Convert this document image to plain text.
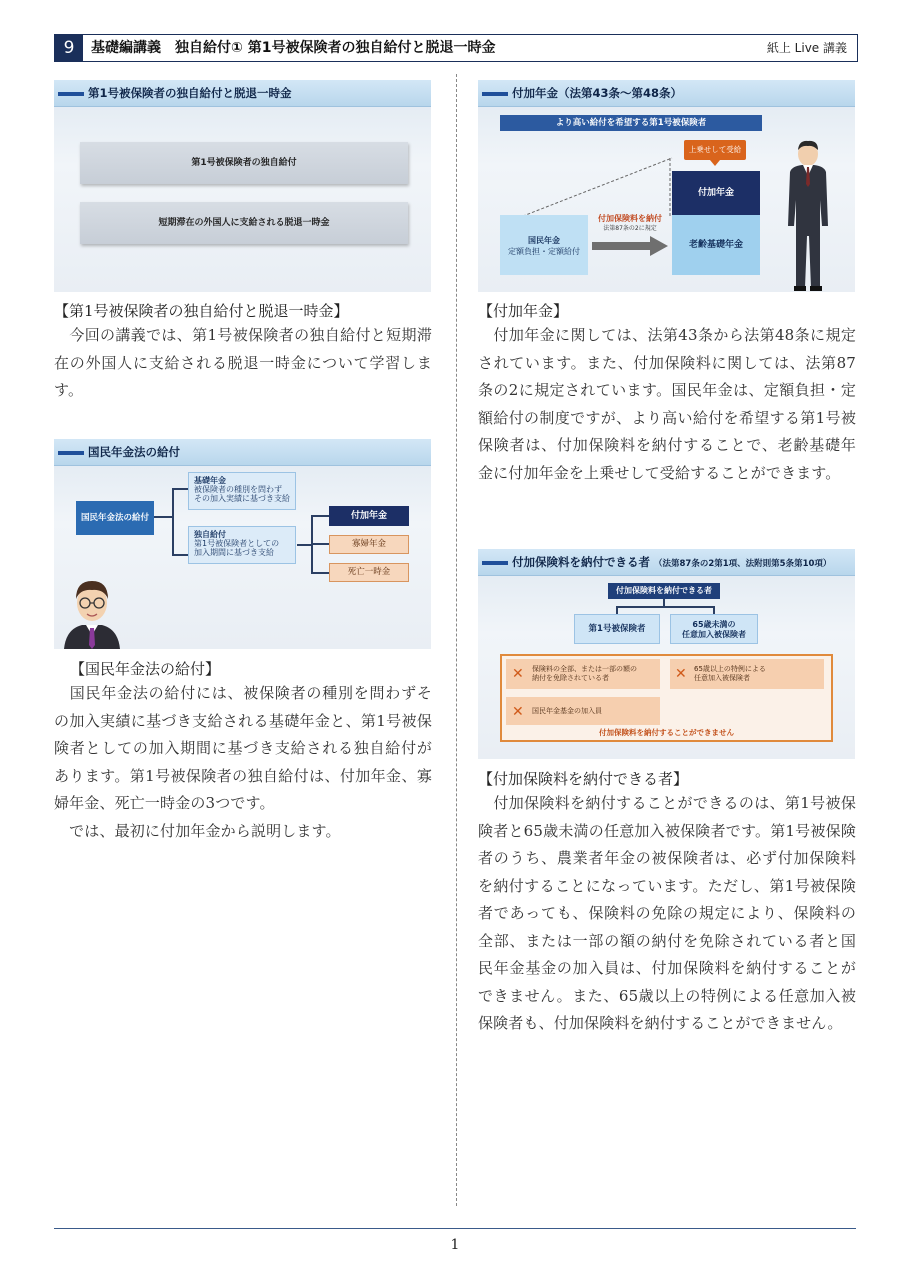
9	基礎編講義　独自給付① 第1号被保険者の独自給付と脱退一時金	紙上 Live 講義
第1号被保険者の独自給付と脱退一時金
第1号被保険者の独自給付
短期滞在の外国人に支給される脱退一時金
【第1号被保険者の独自給付と脱退一時金】

　今回の講義では、第1号被保険者の独自給付と短期滞在の外国人に支給される脱退一時金について学習します。

国民年金法の給付
国民年金法の給付
基礎年金
被保険者の種別を問わず
その加入実績に基づき支給
独自給付
第1号被保険者としての
加入期間に基づき支給
付加年金
寡婦年金
死亡一時金
【国民年金法の給付】

　国民年金法の給付には、被保険者の種別を問わずその加入実績に基づき支給される基礎年金と、第1号被保険者としての加入期間に基づき支給される独自給付があります。第1号被保険者の独自給付は、付加年金、寡婦年金、死亡一時金の3つです。

　では、最初に付加年金から説明します。

付加年金（法第43条～第48条）
より高い給付を希望する第1号被保険者
上乗せして受給
付加年金
老齢基礎年金
国民年金
定額負担・定額給付
付加保険料を納付
法第87条の2に規定
【付加年金】

　付加年金に関しては、法第43条から法第48条に規定されています。また、付加保険料に関しては、法第87条の2に規定されています。国民年金は、定額負担・定額給付の制度ですが、より高い給付を希望する第1号被保険者は、付加保険料を納付することで、老齢基礎年金に付加年金を上乗せして受給することができます。

付加保険料を納付できる者 （法第87条の2第1項、法附則第5条第10項）
付加保険料を納付できる者
第1号被保険者	65歳未満の
任意加入被保険者
保険料の全部、または一部の額の
納付を免除されている者
✕	65歳以上の特例による
任意加入被保険者
✕
国民年金基金の加入員
✕
付加保険料を納付することができません
【付加保険料を納付できる者】

　付加保険料を納付することができるのは、第1号被保険者と65歳未満の任意加入被保険者です。第1号被保険者のうち、農業者年金の被保険者は、必ず付加保険料を納付することになっています。ただし、第1号被保険者であっても、保険料の免除の規定により、保険料の全部、または一部の額の納付を免除されている者と国民年金基金の加入員は、付加保険料を納付することができません。また、65歳以上の特例による任意加入被保険者も、付加保険料を納付することができません。

1
